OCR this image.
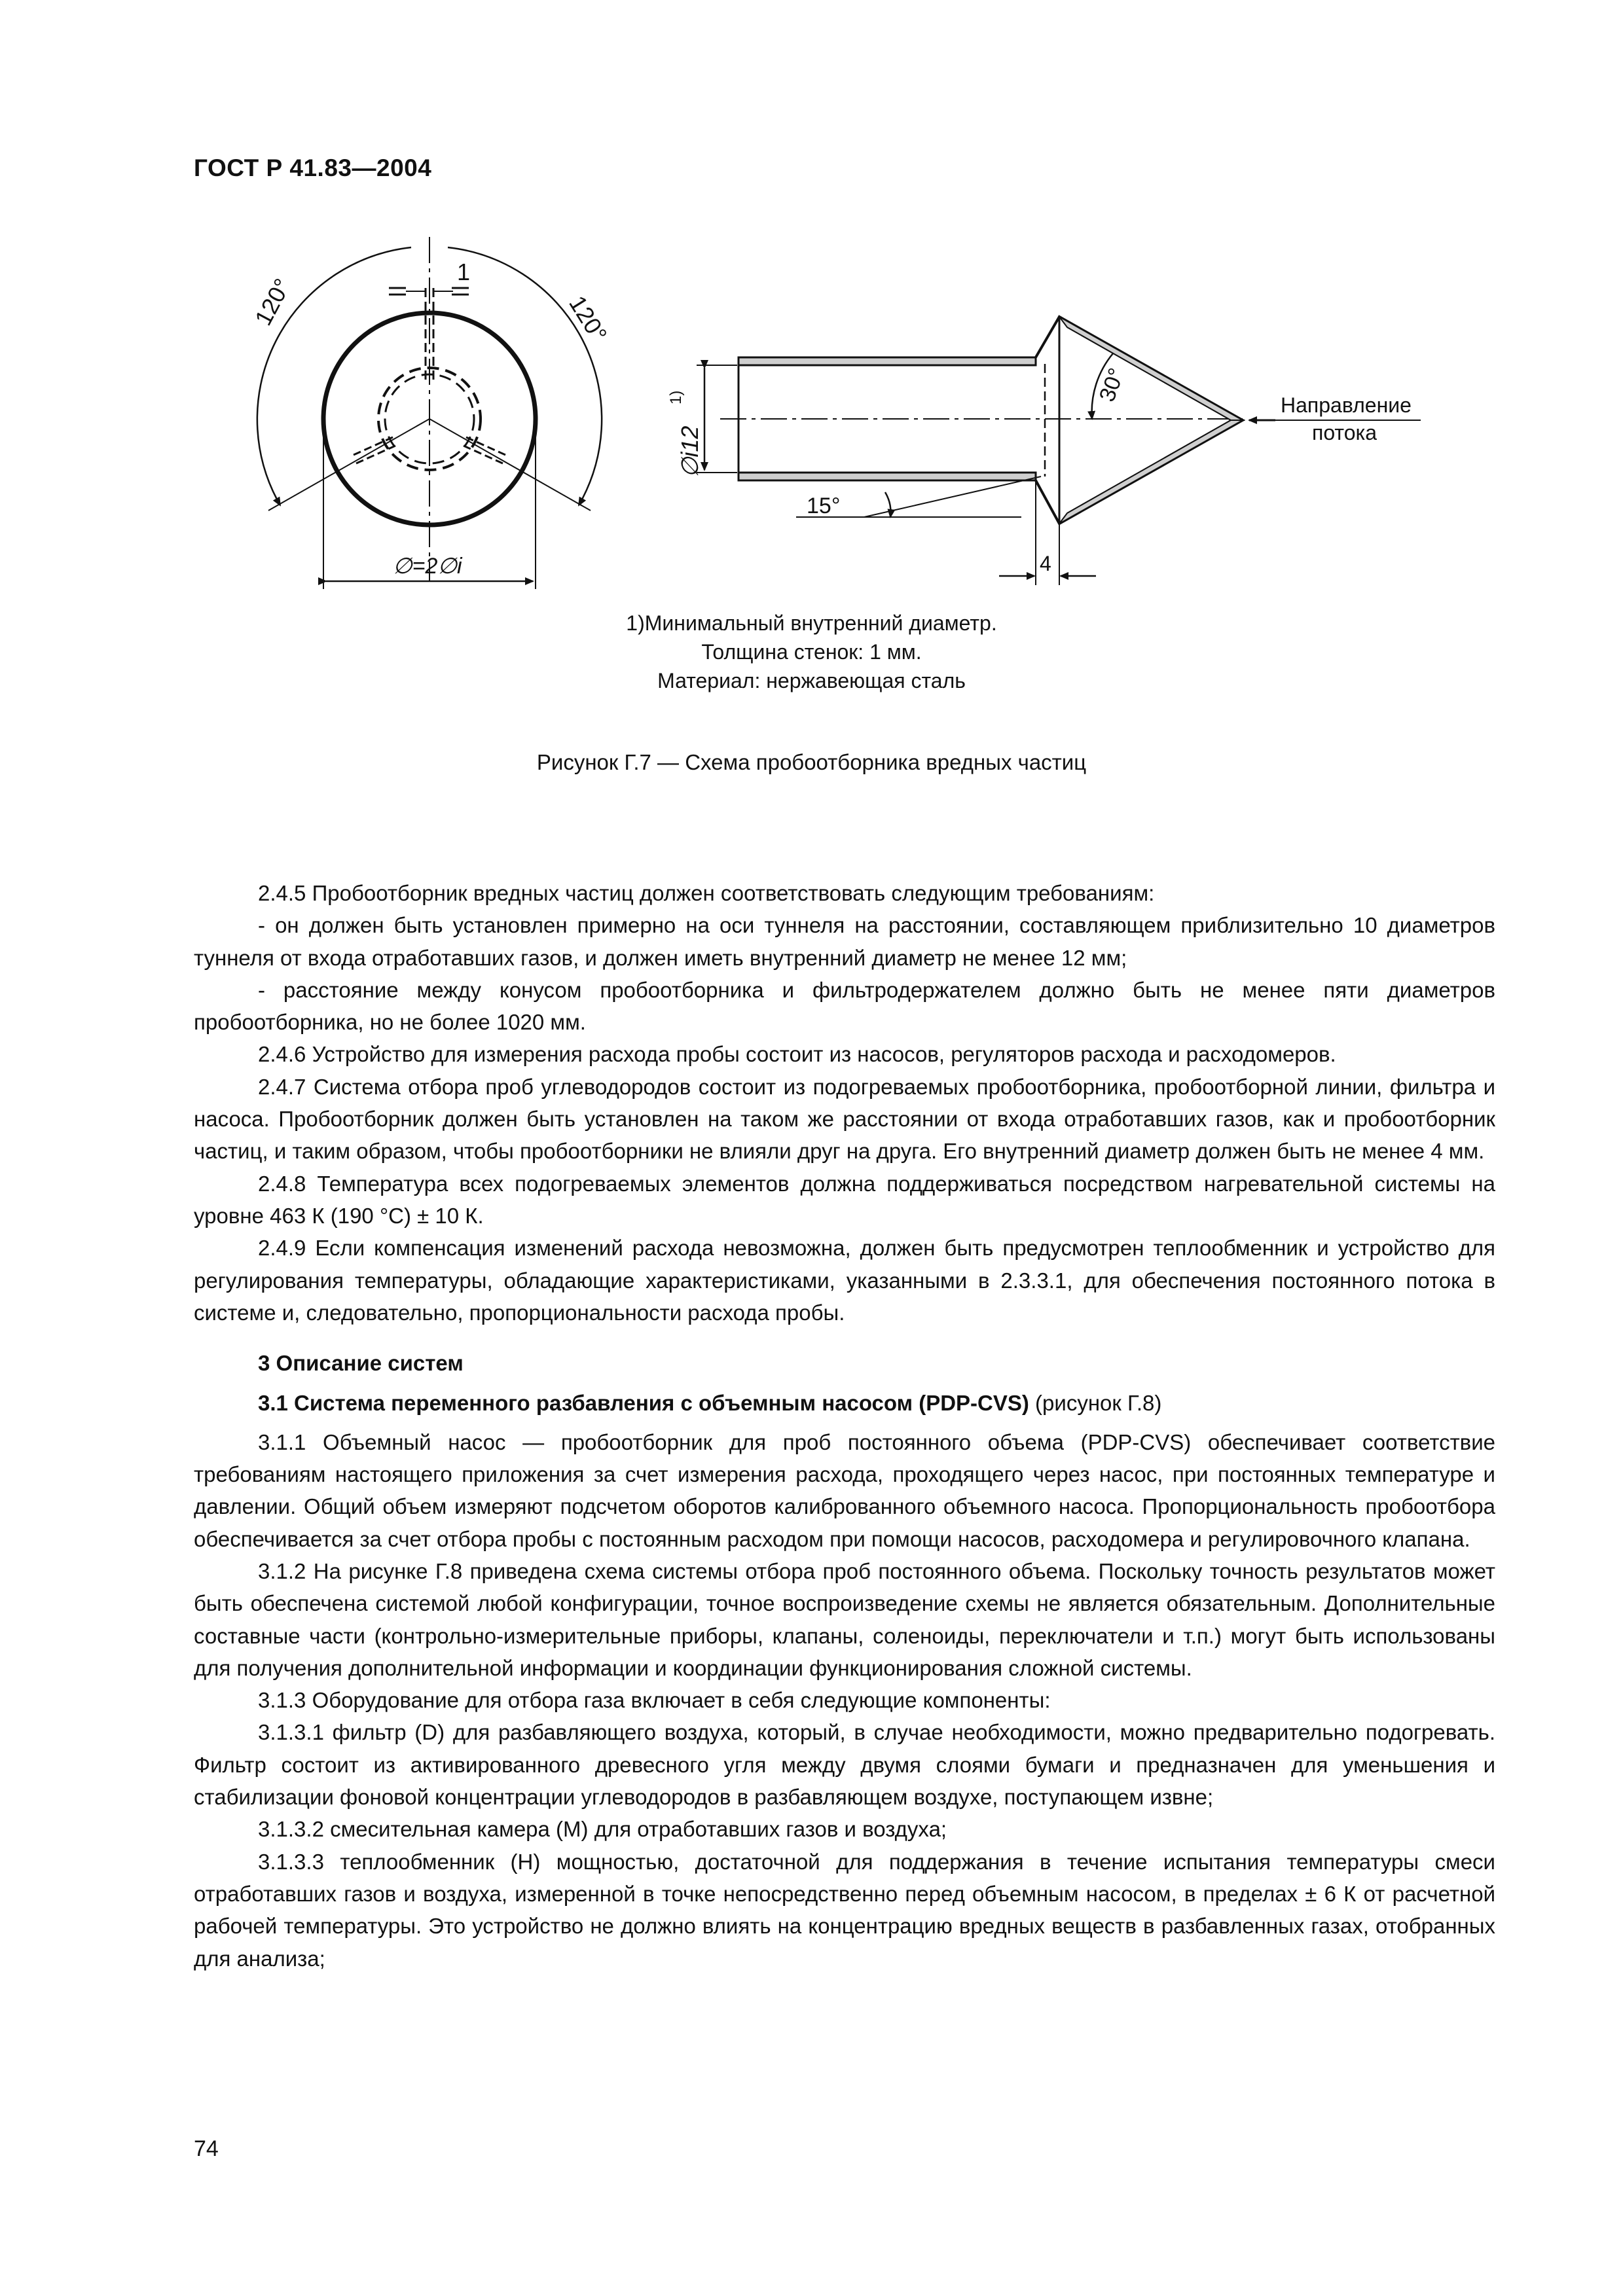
ГОСТ Р 41.83—2004
120°	120°
1
∅=2∅i
∅i12
1)	30°
15°
4
Направление
потока
1)Минимальный внутренний диаметр.
Толщина стенок: 1 мм.
Материал: нержавеющая сталь
Рисунок Г.7 — Схема пробоотборника вредных частиц

2.4.5 Пробоотборник вредных частиц должен соответствовать следующим требованиям:

- он должен быть установлен примерно на оси туннеля на расстоянии, составляющем приблизительно 10 диаметров туннеля от входа отработавших газов, и должен иметь внутренний диаметр не менее 12 мм;

- расстояние между конусом пробоотборника и фильтродержателем должно быть не менее пяти диаметров пробоотборника, но не более 1020 мм.

2.4.6 Устройство для измерения расхода пробы состоит из насосов, регуляторов расхода и расходомеров.

2.4.7 Система отбора проб углеводородов состоит из подогреваемых пробоотборника, пробоотборной линии, фильтра и насоса. Пробоотборник должен быть установлен на таком же расстоянии от входа отработавших газов, как и пробоотборник частиц, и таким образом, чтобы пробоотборники не влияли друг на друга. Его внутренний диаметр должен быть не менее 4 мм.

2.4.8 Температура всех подогреваемых элементов должна поддерживаться посредством нагревательной системы на уровне 463 К (190 °С) ± 10 К.

2.4.9 Если компенсация изменений расхода невозможна, должен быть предусмотрен теплообменник и устройство для регулирования температуры, обладающие характеристиками, указанными в 2.3.3.1, для обеспечения постоянного потока в системе и, следовательно, пропорциональности расхода пробы.

3 Описание систем

3.1 Система переменного разбавления с объемным насосом (PDP-CVS) (рисунок Г.8)

3.1.1 Объемный насос — пробоотборник для проб постоянного объема (PDP-CVS) обеспечивает соответствие требованиям настоящего приложения за счет измерения расхода, проходящего через насос, при постоянных температуре и давлении. Общий объем измеряют подсчетом оборотов калиброванного объемного насоса. Пропорциональность пробоотбора обеспечивается за счет отбора пробы с постоянным расходом при помощи насосов, расходомера и регулировочного клапана.

3.1.2 На рисунке Г.8 приведена схема системы отбора проб постоянного объема. Поскольку точность результатов может быть обеспечена системой любой конфигурации, точное воспроизведение схемы не является обязательным. Дополнительные составные части (контрольно-измерительные приборы, клапаны, соленоиды, переключатели и т.п.) могут быть использованы для получения дополнительной информации и координации функционирования сложной системы.

3.1.3 Оборудование для отбора газа включает в себя следующие компоненты:

3.1.3.1 фильтр (D) для разбавляющего воздуха, который, в случае необходимости, можно предварительно подогревать. Фильтр состоит из активированного древесного угля между двумя слоями бумаги и предназначен для уменьшения и стабилизации фоновой концентрации углеводородов в разбавляющем воздухе, поступающем извне;

3.1.3.2 смесительная камера (М) для отработавших газов и воздуха;

3.1.3.3 теплообменник (Н) мощностью, достаточной для поддержания в течение испытания температуры смеси отработавших газов и воздуха, измеренной в точке непосредственно перед объемным насосом, в пределах ± 6 К от расчетной рабочей температуры. Это устройство не должно влиять на концентрацию вредных веществ в разбавленных газах, отобранных для анализа;

74
